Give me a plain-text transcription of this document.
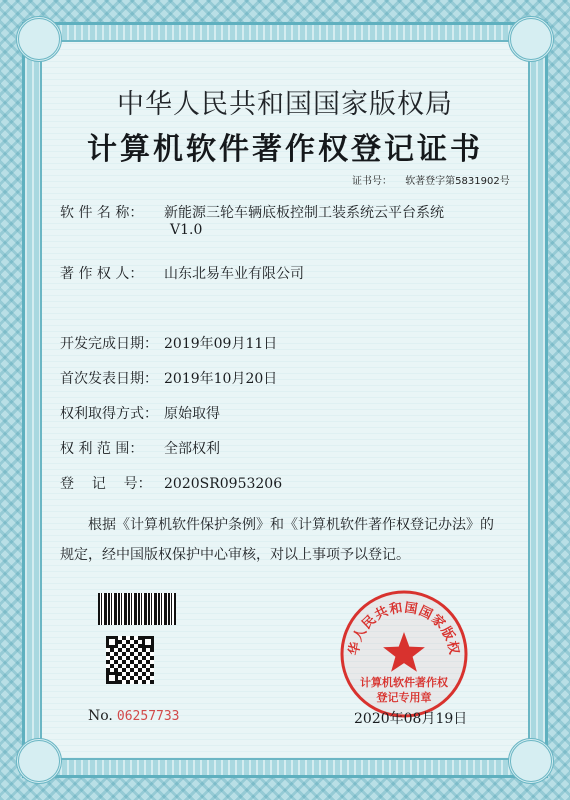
中华人民共和国国家版权局
计算机软件著作权登记证书
证书号： 软著登字第5831902号
软 件 名 称： 新能源三轮车辆底板控制工装系统云平台系统
V1.0
著 作 权 人： 山东北易车业有限公司
开发完成日期： 2019年09月11日
首次发表日期： 2019年10月20日
权利取得方式： 原始取得
权 利 范 围： 全部权利
登    记    号： 2020SR0953206
根据《计算机软件保护条例》和《计算机软件著作权登记办法》的
规定，经中国版权保护中心审核，对以上事项予以登记。
No. 06257733
华人民共和国国家版权
计算机软件著作权
登记专用章
2020年08月19日
